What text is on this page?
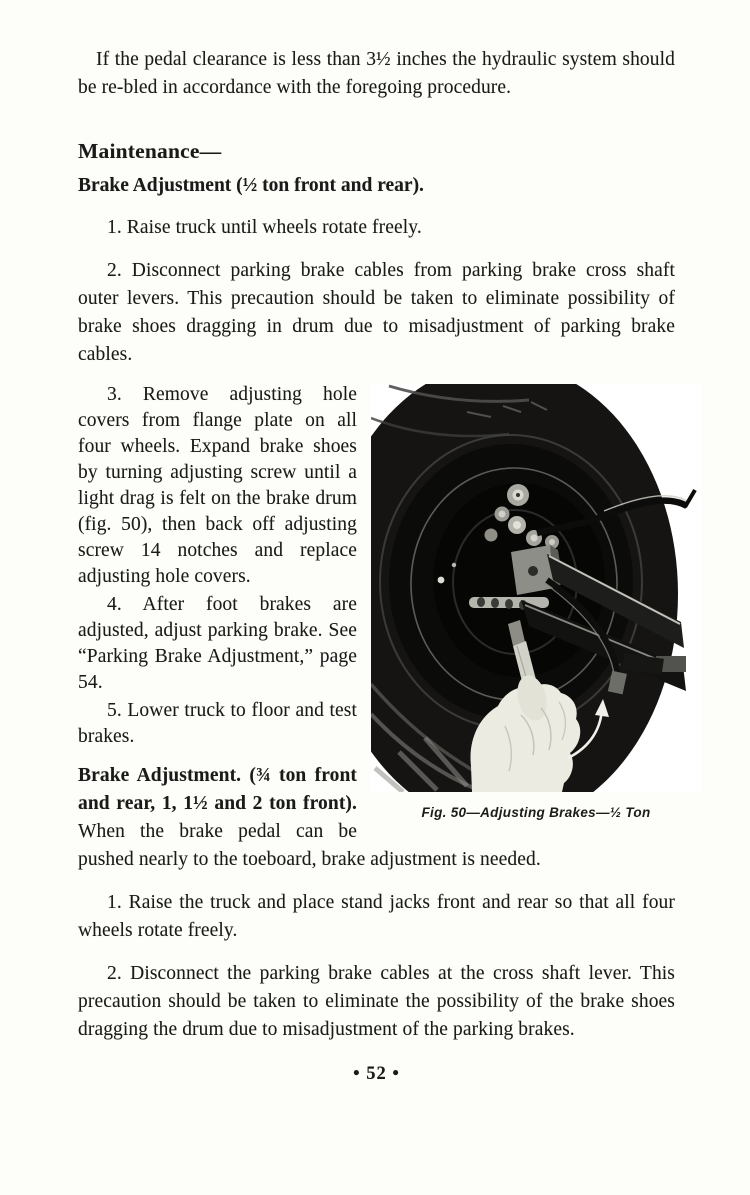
If the pedal clearance is less than 3½ inches the hydraulic system should be re-bled in accordance with the foregoing procedure.

Maintenance—
Brake Adjustment (½ ton front and rear).

1. Raise truck until wheels rotate freely.

2. Disconnect parking brake cables from parking brake cross shaft outer levers. This precaution should be taken to eliminate possibility of brake shoes dragging in drum due to misadjustment of parking brake cables.

Fig. 50—Adjusting Brakes—½ Ton

3. Remove adjusting hole covers from flange plate on all four wheels. Expand brake shoes by turning adjusting screw until a light drag is felt on the brake drum (fig. 50), then back off adjusting screw 14 notches and replace adjusting hole covers.

4. After foot brakes are adjusted, adjust parking brake. See “Parking Brake Adjustment,” page 54.

5. Lower truck to floor and test brakes.

Brake Adjustment. (¾ ton front and rear, 1, 1½ and 2 ton front). When the brake pedal can be pushed nearly to the toeboard, brake adjustment is needed.

1. Raise the truck and place stand jacks front and rear so that all four wheels rotate freely.

2. Disconnect the parking brake cables at the cross shaft lever. This precaution should be taken to eliminate the possibility of the brake shoes dragging the drum due to misadjustment of the parking brakes.

• 52 •
